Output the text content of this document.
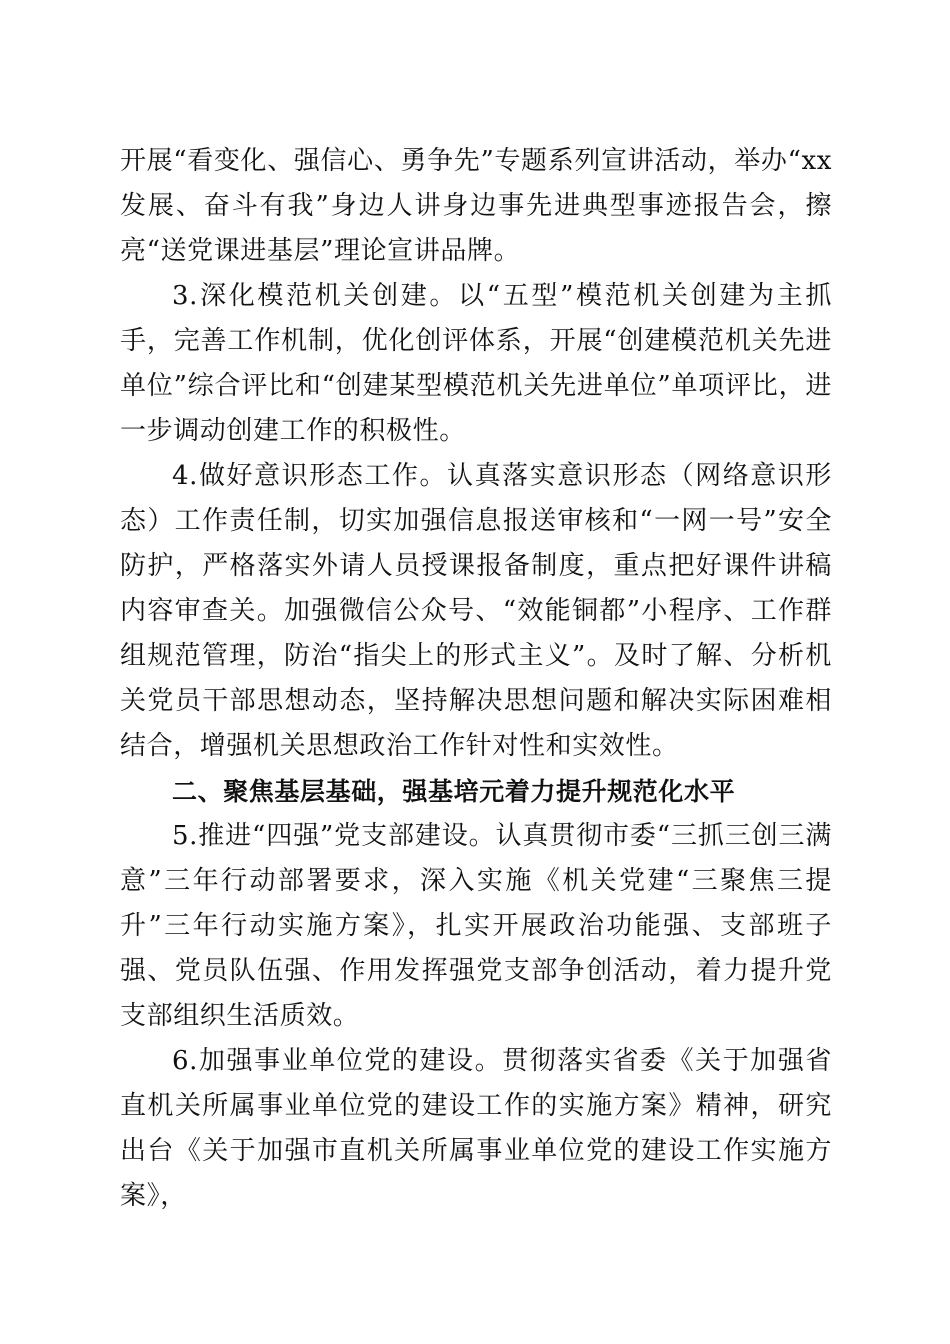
开展“看变化、强信心、勇争先”专题系列宣讲活动，举办“xx发展、奋斗有我”身边人讲身边事先进典型事迹报告会，擦亮“送党课进基层”理论宣讲品牌。

3.深化模范机关创建。以“五型”模范机关创建为主抓手，完善工作机制，优化创评体系，开展“创建模范机关先进单位”综合评比和“创建某型模范机关先进单位”单项评比，进一步调动创建工作的积极性。

4.做好意识形态工作。认真落实意识形态（网络意识形态）工作责任制，切实加强信息报送审核和“一网一号”安全防护，严格落实外请人员授课报备制度，重点把好课件讲稿内容审查关。加强微信公众号、“效能铜都”小程序、工作群组规范管理，防治“指尖上的形式主义”。及时了解、分析机关党员干部思想动态，坚持解决思想问题和解决实际困难相结合，增强机关思想政治工作针对性和实效性。

二、聚焦基层基础，强基培元着力提升规范化水平

5.推进“四强”党支部建设。认真贯彻市委“三抓三创三满意”三年行动部署要求，深入实施《机关党建“三聚焦三提升”三年行动实施方案》，扎实开展政治功能强、支部班子强、党员队伍强、作用发挥强党支部争创活动，着力提升党支部组织生活质效。

6.加强事业单位党的建设。贯彻落实省委《关于加强省直机关所属事业单位党的建设工作的实施方案》精神，研究出台《关于加强市直机关所属事业单位党的建设工作实施方案》，
